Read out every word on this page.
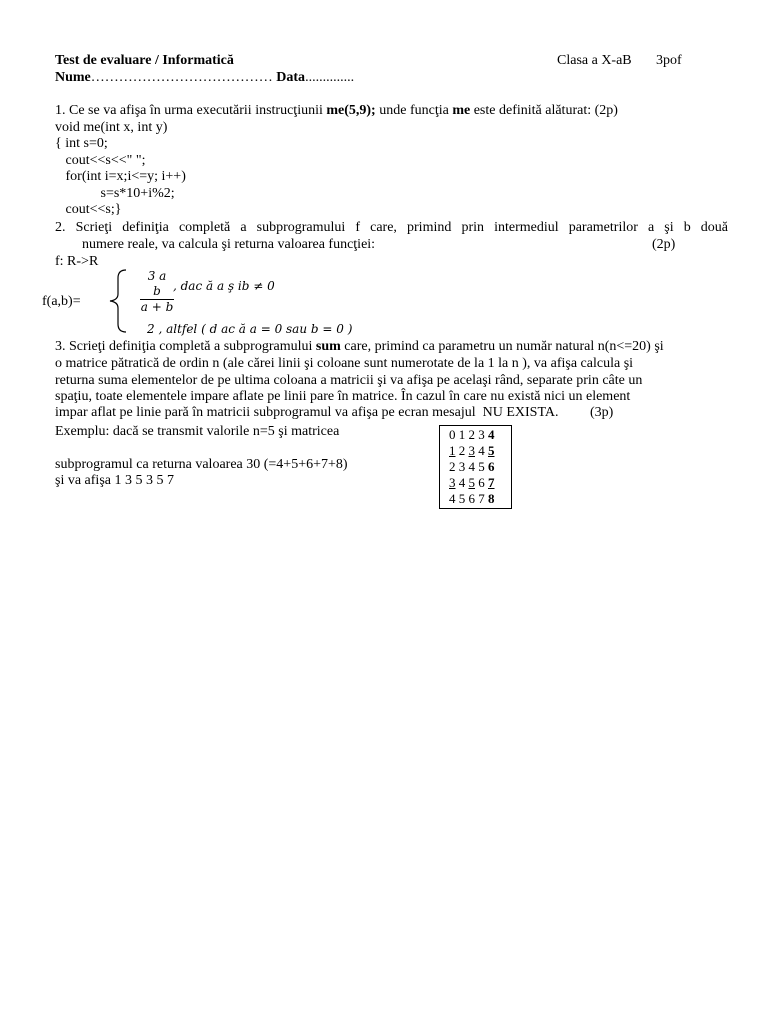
Test de evaluare / Informatică	Clasa a X-aB 3pof
Nume………………………………… Data..............
1. Ce se va afişa în urma executării instrucţiunii me(5,9); unde funcţia me este definită alăturat: (2p)
void me(int x, int y)
{ int s=0;
cout<<s<<" ";
for(int i=x;i<=y; i++)
s=s*10+i%2;
cout<<s;}
2. Scrieţi definiţia completă a subprogramului f care, primind prin intermediul parametrilor a şi b două
numere reale, va calcula şi returna valoarea funcţiei:	(2p)
f: R->R
f(a,b)=	$\frac{\text{3 a b}}{a + b}$ , dac ă a ş ib ≠ 0
2 , altfel ( d ac ă a = 0 sau b = 0 )
3. Scrieţi definiţia completă a subprogramului sum care, primind ca parametru un număr natural n(n<=20) şi
o matrice pătratică de ordin n (ale cărei linii şi coloane sunt numerotate de la 1 la n ), va afişa calcula şi
returna suma elementelor de pe ultima coloana a matricii şi va afişa pe acelaşi rând, separate prin câte un
spaţiu, toate elementele impare aflate pe linii pare în matrice. În cazul în care nu există nici un element
impar aflat pe linie pară în matricii subprogramul va afişa pe ecran mesajul  NU EXISTA.         (3p)
Exemplu: dacă se transmit valorile n=5 şi matricea
subprogramul ca returna valoarea 30 (=4+5+6+7+8)
şi va afişa 1 3 5 3 5 7
0 1 2 3 4
1 2 3 4 5
2 3 4 5 6
3 4 5 6 7
4 5 6 7 8
